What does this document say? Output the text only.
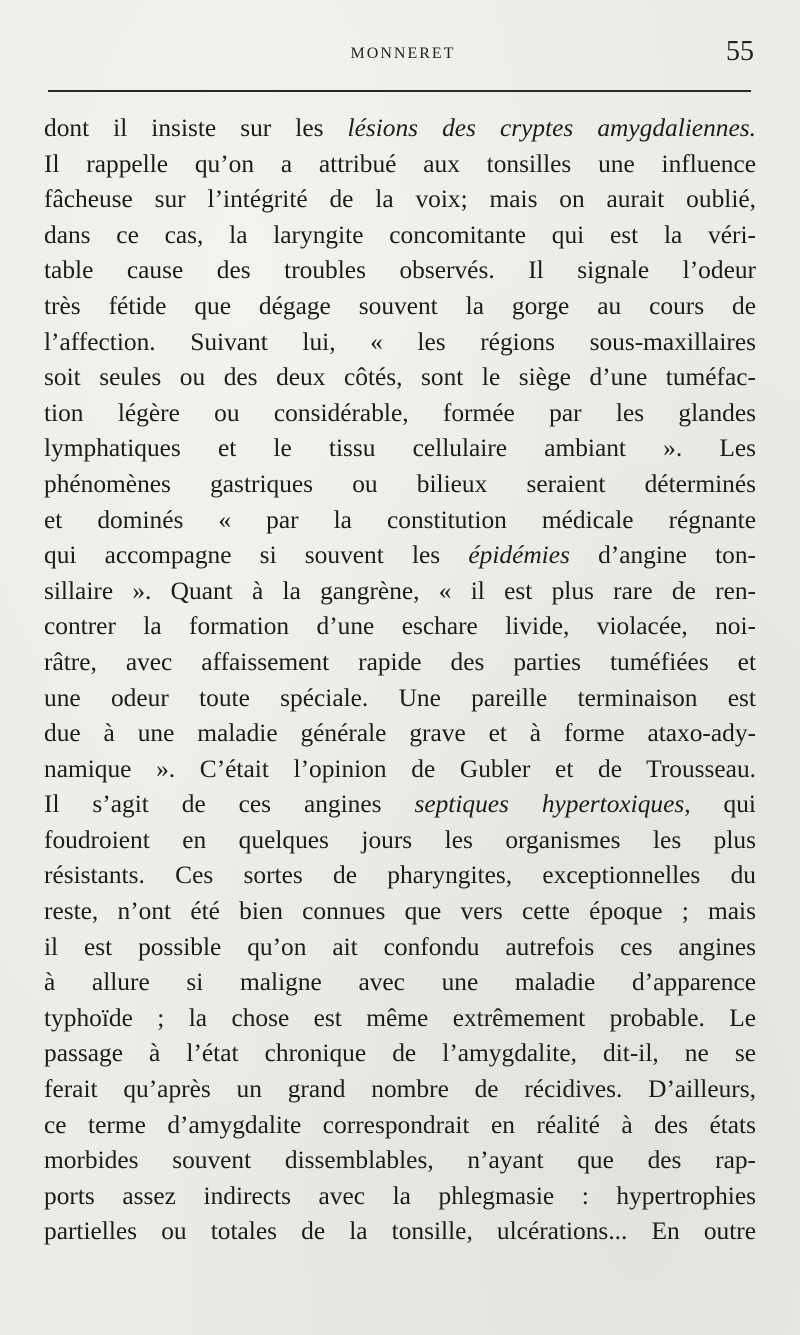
MONNERET	55
dont il insiste sur les lésions des cryptes amygdaliennes.
Il rappelle qu’on a attribué aux tonsilles une influence
fâcheuse sur l’intégrité de la voix; mais on aurait oublié,
dans ce cas, la laryngite concomitante qui est la véri-
table cause des troubles observés. Il signale l’odeur
très fétide que dégage souvent la gorge au cours de
l’affection. Suivant lui, « les régions sous-maxillaires
soit seules ou des deux côtés, sont le siège d’une tuméfac-
tion légère ou considérable, formée par les glandes
lymphatiques et le tissu cellulaire ambiant ». Les
phénomènes gastriques ou bilieux seraient déterminés
et dominés « par la constitution médicale régnante
qui accompagne si souvent les épidémies d’angine ton-
sillaire ». Quant à la gangrène, « il est plus rare de ren-
contrer la formation d’une eschare livide, violacée, noi-
râtre, avec affaissement rapide des parties tuméfiées et
une odeur toute spéciale. Une pareille terminaison est
due à une maladie générale grave et à forme ataxo-ady-
namique ». C’était l’opinion de Gubler et de Trousseau.
Il s’agit de ces angines septiques hypertoxiques, qui
foudroient en quelques jours les organismes les plus
résistants. Ces sortes de pharyngites, exceptionnelles du
reste, n’ont été bien connues que vers cette époque ; mais
il est possible qu’on ait confondu autrefois ces angines
à allure si maligne avec une maladie d’apparence
typhoïde ; la chose est même extrêmement probable. Le
passage à l’état chronique de l’amygdalite, dit-il, ne se
ferait qu’après un grand nombre de récidives. D’ailleurs,
ce terme d’amygdalite correspondrait en réalité à des états
morbides souvent dissemblables, n’ayant que des rap-
ports assez indirects avec la phlegmasie : hypertrophies
partielles ou totales de la tonsille, ulcérations... En outre
